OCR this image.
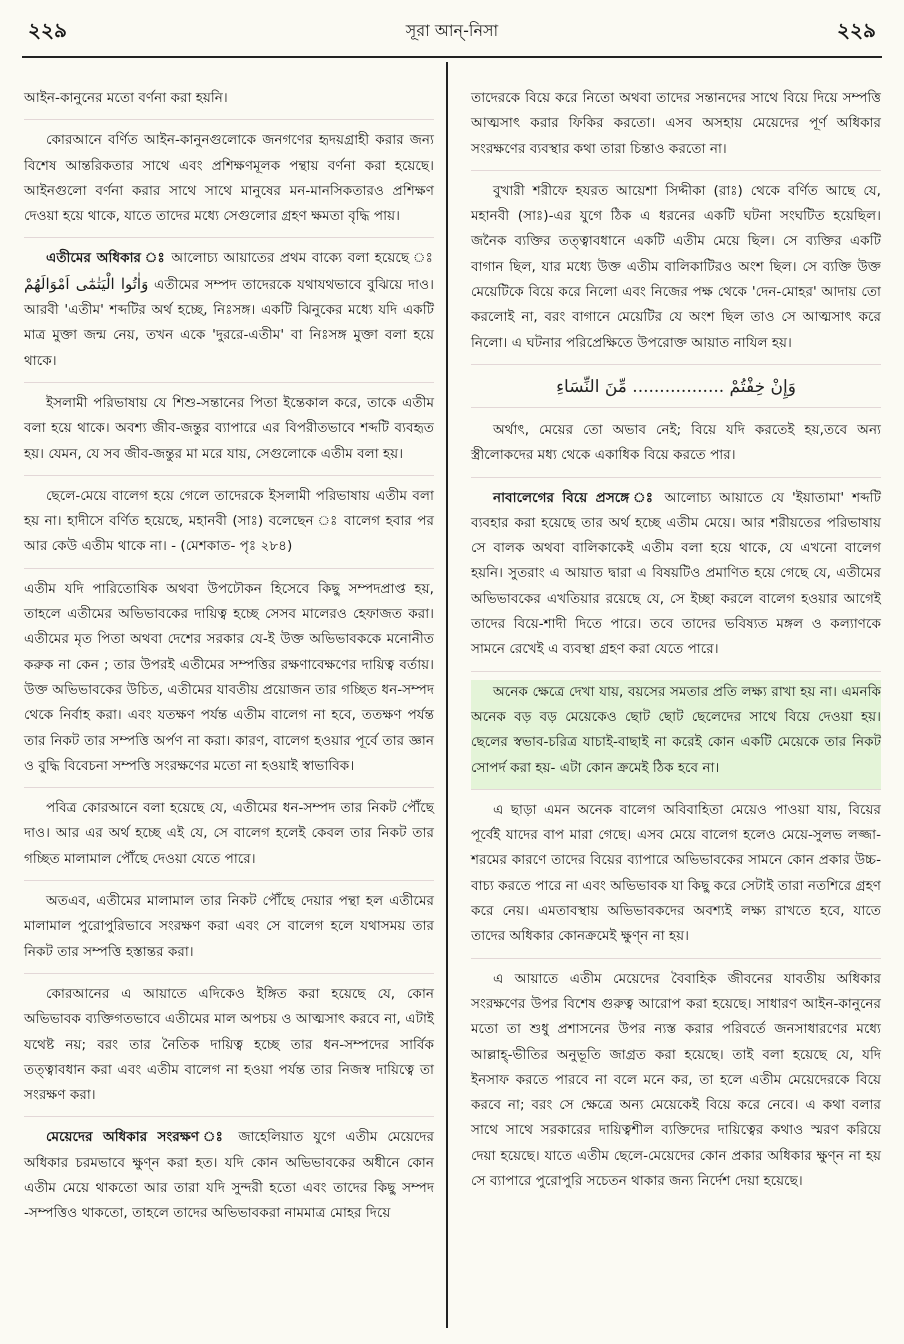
২২৯	সূরা আন্-নিসা	২২৯

আইন-কানুনের মতো বর্ণনা করা হয়নি।

কোরআনে বর্ণিত আইন-কানুনগুলোকে জনগণের হৃদয়গ্রাহী করার জন্য বিশেষ আন্তরিকতার সাথে এবং প্রশিক্ষণমূলক পন্থায় বর্ণনা করা হয়েছে। আইনগুলো বর্ণনা করার সাথে সাথে মানুষের মন-মানসিকতারও প্রশিক্ষণ দেওয়া হয়ে থাকে, যাতে তাদের মধ্যে সেগুলোর গ্রহণ ক্ষমতা বৃদ্ধি পায়।

এতীমের অধিকার ঃ আলোচ্য আয়াতের প্রথম বাক্যে বলা হয়েছে ঃ وَاٰتُوا الْيَتٰمٰٓى اَمْوَالَهُمْ এতীমের সম্পদ তাদেরকে যথাযথভাবে বুঝিয়ে দাও। আরবী 'এতীম' শব্দটির অর্থ হচ্ছে, নিঃসঙ্গ। একটি ঝিনুকের মধ্যে যদি একটি মাত্র মুক্তা জন্ম নেয়, তখন একে 'দুররে-এতীম' বা নিঃসঙ্গ মুক্তা বলা হয়ে থাকে।

ইসলামী পরিভাষায় যে শিশু-সন্তানের পিতা ইন্তেকাল করে, তাকে এতীম বলা হয়ে থাকে। অবশ্য জীব-জন্তুর ব্যাপারে এর বিপরীতভাবে শব্দটি ব্যবহৃত হয়। যেমন, যে সব জীব-জন্তুর মা মরে যায়, সেগুলোকে এতীম বলা হয়।

ছেলে-মেয়ে বালেগ হয়ে গেলে তাদেরকে ইসলামী পরিভাষায় এতীম বলা হয় না। হাদীসে বর্ণিত হয়েছে, মহানবী (সাঃ) বলেছেন ঃ বালেগ হবার পর আর কেউ এতীম থাকে না। - (মেশকাত- পৃঃ ২৮৪)

এতীম যদি পারিতোষিক অথবা উপঢৌকন হিসেবে কিছু সম্পদপ্রাপ্ত হয়, তাহলে এতীমের অভিভাবকের দায়িত্ব হচ্ছে সেসব মালেরও হেফাজত করা। এতীমের মৃত পিতা অথবা দেশের সরকার যে-ই উক্ত অভিভাবককে মনোনীত করুক না কেন ; তার উপরই এতীমের সম্পত্তির রক্ষণাবেক্ষণের দায়িত্ব বর্তায়। উক্ত অভিভাবকের উচিত, এতীমের যাবতীয় প্রয়োজন তার গচ্ছিত ধন-সম্পদ থেকে নির্বাহ করা। এবং যতক্ষণ পর্যন্ত এতীম বালেগ না হবে, ততক্ষণ পর্যন্ত তার নিকট তার সম্পত্তি অর্পণ না করা। কারণ, বালেগ হওয়ার পূর্বে তার জ্ঞান ও বুদ্ধি বিবেচনা সম্পত্তি সংরক্ষণের মতো না হওয়াই স্বাভাবিক।

পবিত্র কোরআনে বলা হয়েছে যে, এতীমের ধন-সম্পদ তার নিকট পৌঁছে দাও। আর এর অর্থ হচ্ছে এই যে, সে বালেগ হলেই কেবল তার নিকট তার গচ্ছিত মালামাল পৌঁছে দেওয়া যেতে পারে।

অতএব, এতীমের মালামাল তার নিকট পৌঁছে দেয়ার পন্থা হল এতীমের মালামাল পুরোপুরিভাবে সংরক্ষণ করা এবং সে বালেগ হলে যথাসময় তার নিকট তার সম্পত্তি হস্তান্তর করা।

কোরআনের এ আয়াতে এদিকেও ইঙ্গিত করা হয়েছে যে, কোন অভিভাবক ব্যক্তিগতভাবে এতীমের মাল অপচয় ও আত্মসাৎ করবে না, এটাই যথেষ্ট নয়; বরং তার নৈতিক দায়িত্ব হচ্ছে তার ধন-সম্পদের সার্বিক তত্ত্বাবধান করা এবং এতীম বালেগ না হওয়া পর্যন্ত তার নিজস্ব দায়িত্বে তা সংরক্ষণ করা।

মেয়েদের অধিকার সংরক্ষণ ঃ জাহেলিয়াত যুগে এতীম মেয়েদের অধিকার চরমভাবে ক্ষুণ্ন করা হত। যদি কোন অভিভাবকের অধীনে কোন এতীম মেয়ে থাকতো আর তারা যদি সুন্দরী হতো এবং তাদের কিছু সম্পদ -সম্পত্তিও থাকতো, তাহলে তাদের অভিভাবকরা নামমাত্র মোহর দিয়ে

তাদেরকে বিয়ে করে নিতো অথবা তাদের সন্তানদের সাথে বিয়ে দিয়ে সম্পত্তি আত্মসাৎ করার ফিকির করতো। এসব অসহায় মেয়েদের পূর্ণ অধিকার সংরক্ষণের ব্যবস্থার কথা তারা চিন্তাও করতো না।

বুখারী শরীফে হযরত আয়েশা সিদ্দীকা (রাঃ) থেকে বর্ণিত আছে যে, মহানবী (সাঃ)-এর যুগে ঠিক এ ধরনের একটি ঘটনা সংঘটিত হয়েছিল। জনৈক ব্যক্তির তত্ত্বাবধানে একটি এতীম মেয়ে ছিল। সে ব্যক্তির একটি বাগান ছিল, যার মধ্যে উক্ত এতীম বালিকাটিরও অংশ ছিল। সে ব্যক্তি উক্ত মেয়েটিকে বিয়ে করে নিলো এবং নিজের পক্ষ থেকে 'দেন-মোহর' আদায় তো করলোই না, বরং বাগানে মেয়েটির যে অংশ ছিল তাও সে আত্মসাৎ করে নিলো। এ ঘটনার পরিপ্রেক্ষিতে উপরোক্ত আয়াত নাযিল হয়।

وَإِنْ خِفْتُمْ ................. مِّنَ النِّسَاءِ

অর্থাৎ, মেয়ের তো অভাব নেই; বিয়ে যদি করতেই হয়,তবে অন্য স্ত্রীলোকদের মধ্য থেকে একাধিক বিয়ে করতে পার।

নাবালেগের বিয়ে প্রসঙ্গে ঃ আলোচ্য আয়াতে যে 'ইয়াতামা' শব্দটি ব্যবহার করা হয়েছে তার অর্থ হচ্ছে এতীম মেয়ে। আর শরীয়তের পরিভাষায় সে বালক অথবা বালিকাকেই এতীম বলা হয়ে থাকে, যে এখনো বালেগ হয়নি। সুতরাং এ আয়াত দ্বারা এ বিষয়টিও প্রমাণিত হয়ে গেছে যে, এতীমের অভিভাবকের এখতিয়ার রয়েছে যে, সে ইচ্ছা করলে বালেগ হওয়ার আগেই তাদের বিয়ে-শাদী দিতে পারে। তবে তাদের ভবিষ্যত মঙ্গল ও কল্যাণকে সামনে রেখেই এ ব্যবস্থা গ্রহণ করা যেতে পারে।

অনেক ক্ষেত্রে দেখা যায়, বয়সের সমতার প্রতি লক্ষ্য রাখা হয় না। এমনকি অনেক বড় বড় মেয়েকেও ছোট ছোট ছেলেদের সাথে বিয়ে দেওয়া হয়। ছেলের স্বভাব-চরিত্র যাচাই-বাছাই না করেই কোন একটি মেয়েকে তার নিকট সোপর্দ করা হয়- এটা কোন ক্রমেই ঠিক হবে না।

এ ছাড়া এমন অনেক বালেগ অবিবাহিতা মেয়েও পাওয়া যায়, বিয়ের পূর্বেই যাদের বাপ মারা গেছে। এসব মেয়ে বালেগ হলেও মেয়ে-সুলভ লজ্জা-শরমের কারণে তাদের বিয়ের ব্যাপারে অভিভাবকের সামনে কোন প্রকার উচ্চ-বাচ্য করতে পারে না এবং অভিভাবক যা কিছু করে সেটাই তারা নতশিরে গ্রহণ করে নেয়। এমতাবস্থায় অভিভাবকদের অবশ্যই লক্ষ্য রাখতে হবে, যাতে তাদের অধিকার কোনক্রমেই ক্ষুণ্ন না হয়।

এ আয়াতে এতীম মেয়েদের বৈবাহিক জীবনের যাবতীয় অধিকার সংরক্ষণের উপর বিশেষ গুরুত্ব আরোপ করা হয়েছে। সাধারণ আইন-কানুনের মতো তা শুধু প্রশাসনের উপর ন্যস্ত করার পরিবর্তে জনসাধারণের মধ্যে আল্লাহ্-ভীতির অনুভূতি জাগ্রত করা হয়েছে। তাই বলা হয়েছে যে, যদি ইনসাফ করতে পারবে না বলে মনে কর, তা হলে এতীম মেয়েদেরকে বিয়ে করবে না; বরং সে ক্ষেত্রে অন্য মেয়েকেই বিয়ে করে নেবে। এ কথা বলার সাথে সাথে সরকারের দায়িত্বশীল ব্যক্তিদের দায়িত্বের কথাও স্মরণ করিয়ে দেয়া হয়েছে। যাতে এতীম ছেলে-মেয়েদের কোন প্রকার অধিকার ক্ষুণ্ন না হয় সে ব্যাপারে পুরোপুরি সচেতন থাকার জন্য নির্দেশ দেয়া হয়েছে।
